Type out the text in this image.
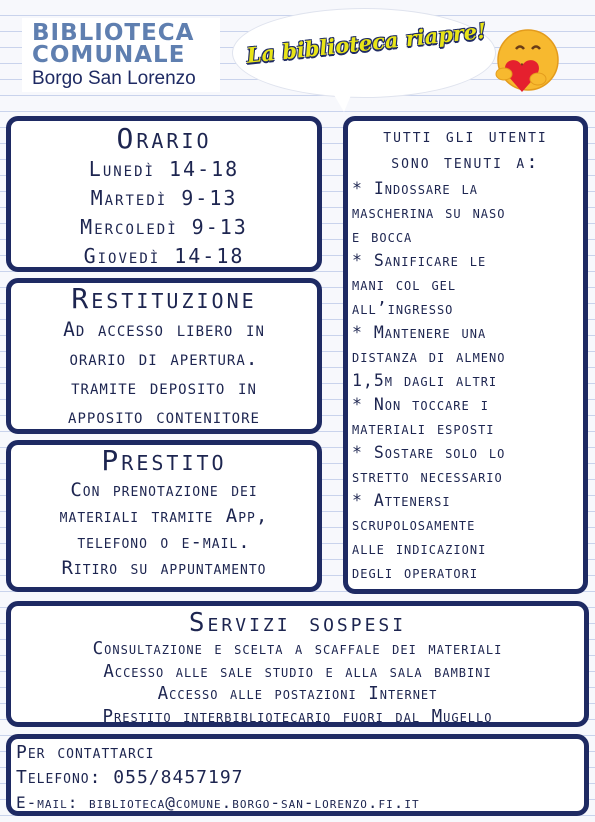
BIBLIOTECA
COMUNALE
Borgo San Lorenzo
La biblioteca riapre!
Orario
Lunedì 14-18
Martedì 9-13
Mercoledì 9-13
Giovedì 14-18
Restituzione
Ad accesso libero in
orario di apertura.
tramite deposito in
apposito contenitore
Prestito
Con prenotazione dei
materiali tramite App,
telefono o e-mail.
Ritiro su appuntamento
tutti gli utenti
sono tenuti a:
* Indossare la
mascherina su naso
e bocca
* Sanificare le
mani col gel
all’ingresso
* Mantenere una
distanza di almeno
1,5m dagli altri
* Non toccare i
materiali esposti
* Sostare solo lo
stretto necessario
* Attenersi
scrupolosamente
alle indicazioni
degli operatori
Servizi sospesi
Consultazione e scelta a scaffale dei materiali
Accesso alle sale studio e alla sala bambini
Accesso alle postazioni Internet
Prestito interbibliotecario fuori dal Mugello
Per contattarci
Telefono: 055/8457197
E-mail: biblioteca@comune.borgo-san-lorenzo.fi.it
